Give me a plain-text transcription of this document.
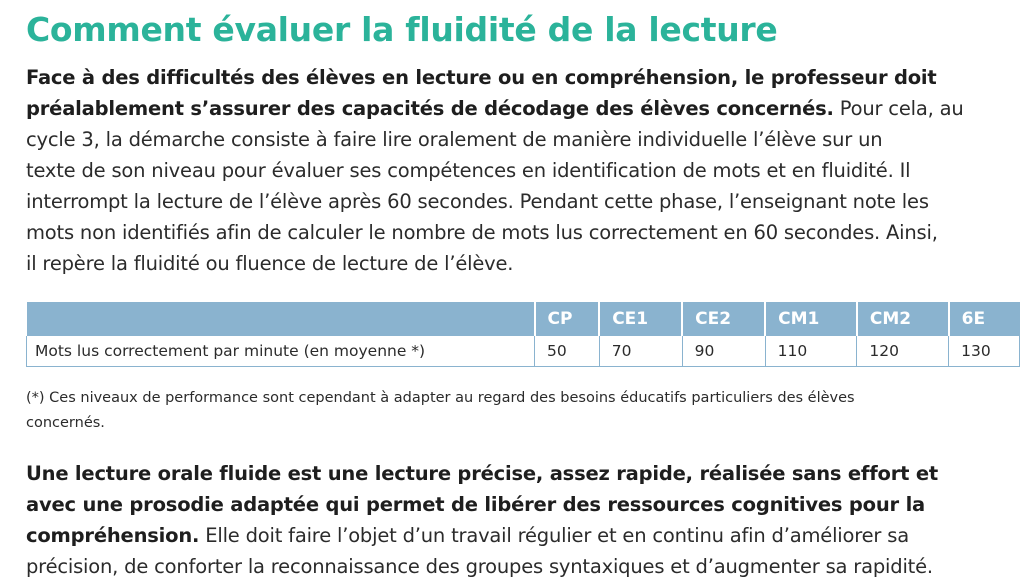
Comment évaluer la fluidité de la lecture

Face à des difficultés des élèves en lecture ou en compréhension, le professeur doit
préalablement s’assurer des capacités de décodage des élèves concernés. Pour cela, au
cycle 3, la démarche consiste à faire lire oralement de manière individuelle l’élève sur un
texte de son niveau pour évaluer ses compétences en identification de mots et en fluidité. Il
interrompt la lecture de l’élève après 60 secondes. Pendant cette phase, l’enseignant note les
mots non identifiés afin de calculer le nombre de mots lus correctement en 60 secondes. Ainsi,
il repère la fluidité ou fluence de lecture de l’élève.

	CP	CE1	CE2	CM1	CM2	6E
Mots lus correctement par minute (en moyenne *)	50	70	90	110	120	130

(*) Ces niveaux de performance sont cependant à adapter au regard des besoins éducatifs particuliers des élèves
concernés.

Une lecture orale fluide est une lecture précise, assez rapide, réalisée sans effort et
avec une prosodie adaptée qui permet de libérer des ressources cognitives pour la
compréhension. Elle doit faire l’objet d’un travail régulier et en continu afin d’améliorer sa
précision, de conforter la reconnaissance des groupes syntaxiques et d’augmenter sa rapidité.
